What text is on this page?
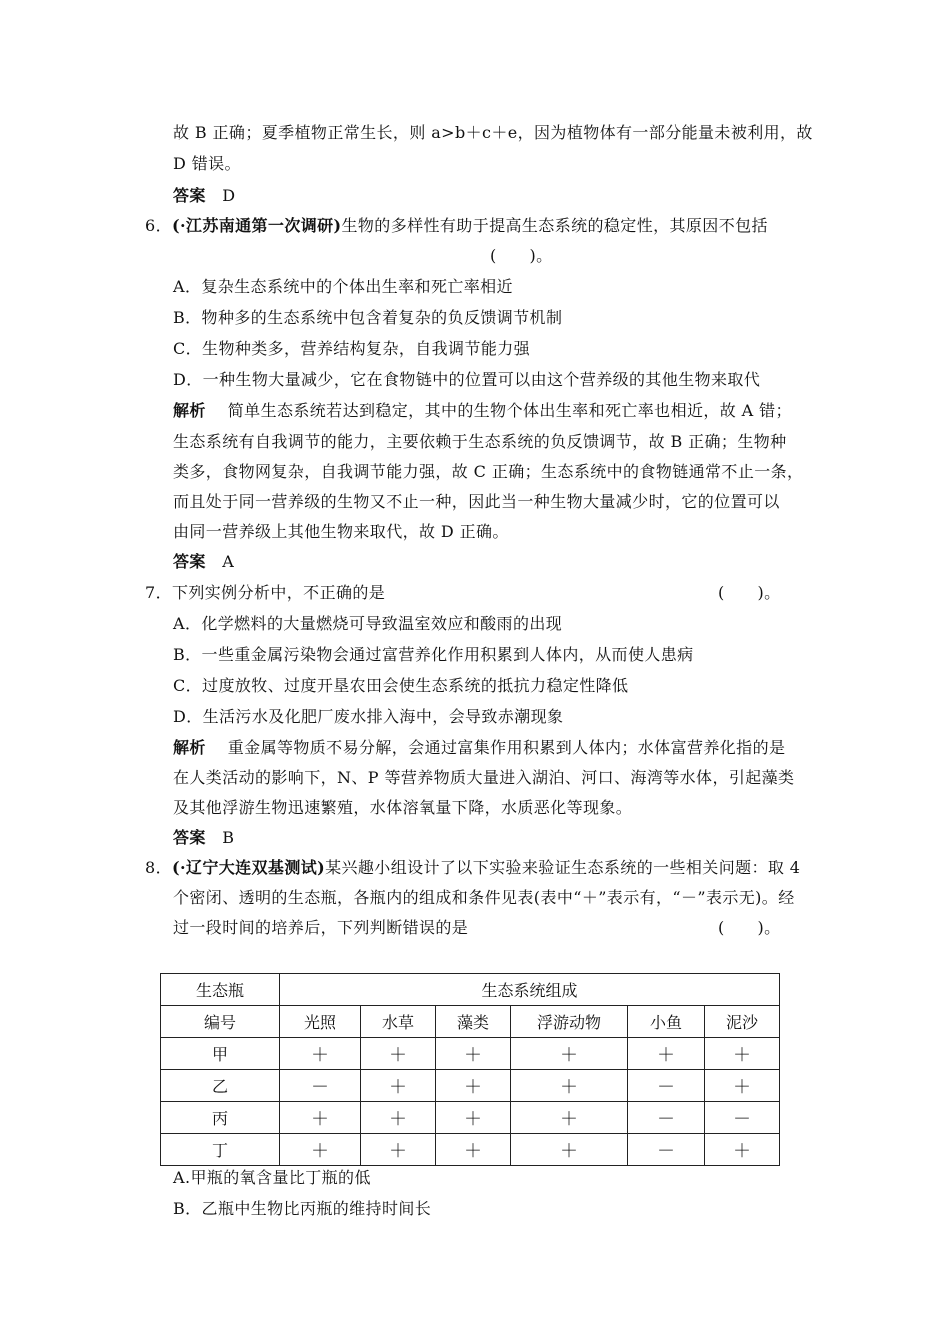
故 B 正确；夏季植物正常生长，则 a>b＋c＋e，因为植物体有一部分能量未被利用，故
D 错误。
答案 D
6．(·江苏南通第一次调研)生物的多样性有助于提高生态系统的稳定性，其原因不包括
(　　)。
A．复杂生态系统中的个体出生率和死亡率相近
B．物种多的生态系统中包含着复杂的负反馈调节机制
C．生物种类多，营养结构复杂，自我调节能力强
D．一种生物大量减少，它在食物链中的位置可以由这个营养级的其他生物来取代
解析 简单生态系统若达到稳定，其中的生物个体出生率和死亡率也相近，故 A 错；
生态系统有自我调节的能力，主要依赖于生态系统的负反馈调节，故 B 正确；生物种
类多，食物网复杂，自我调节能力强，故 C 正确；生态系统中的食物链通常不止一条，
而且处于同一营养级的生物又不止一种，因此当一种生物大量减少时，它的位置可以
由同一营养级上其他生物来取代，故 D 正确。
答案 A
7．下列实例分析中，不正确的是	(　　)。
A．化学燃料的大量燃烧可导致温室效应和酸雨的出现
B．一些重金属污染物会通过富营养化作用积累到人体内，从而使人患病
C．过度放牧、过度开垦农田会使生态系统的抵抗力稳定性降低
D．生活污水及化肥厂废水排入海中，会导致赤潮现象
解析 重金属等物质不易分解，会通过富集作用积累到人体内；水体富营养化指的是
在人类活动的影响下，N、P 等营养物质大量进入湖泊、河口、海湾等水体，引起藻类
及其他浮游生物迅速繁殖，水体溶氧量下降，水质恶化等现象。
答案 B
8．(·辽宁大连双基测试)某兴趣小组设计了以下实验来验证生态系统的一些相关问题：取 4
个密闭、透明的生态瓶，各瓶内的组成和条件见表(表中“＋”表示有，“－”表示无)。经
过一段时间的培养后，下列判断错误的是	(　　)。
生态瓶	生态系统组成					
编号	光照	水草	藻类	浮游动物	小鱼	泥沙
甲	＋	＋	＋	＋	＋	＋
乙	－	＋	＋	＋	－	＋
丙	＋	＋	＋	＋	－	－
丁	＋	＋	＋	＋	－	＋
A.甲瓶的氧含量比丁瓶的低
B．乙瓶中生物比丙瓶的维持时间长
